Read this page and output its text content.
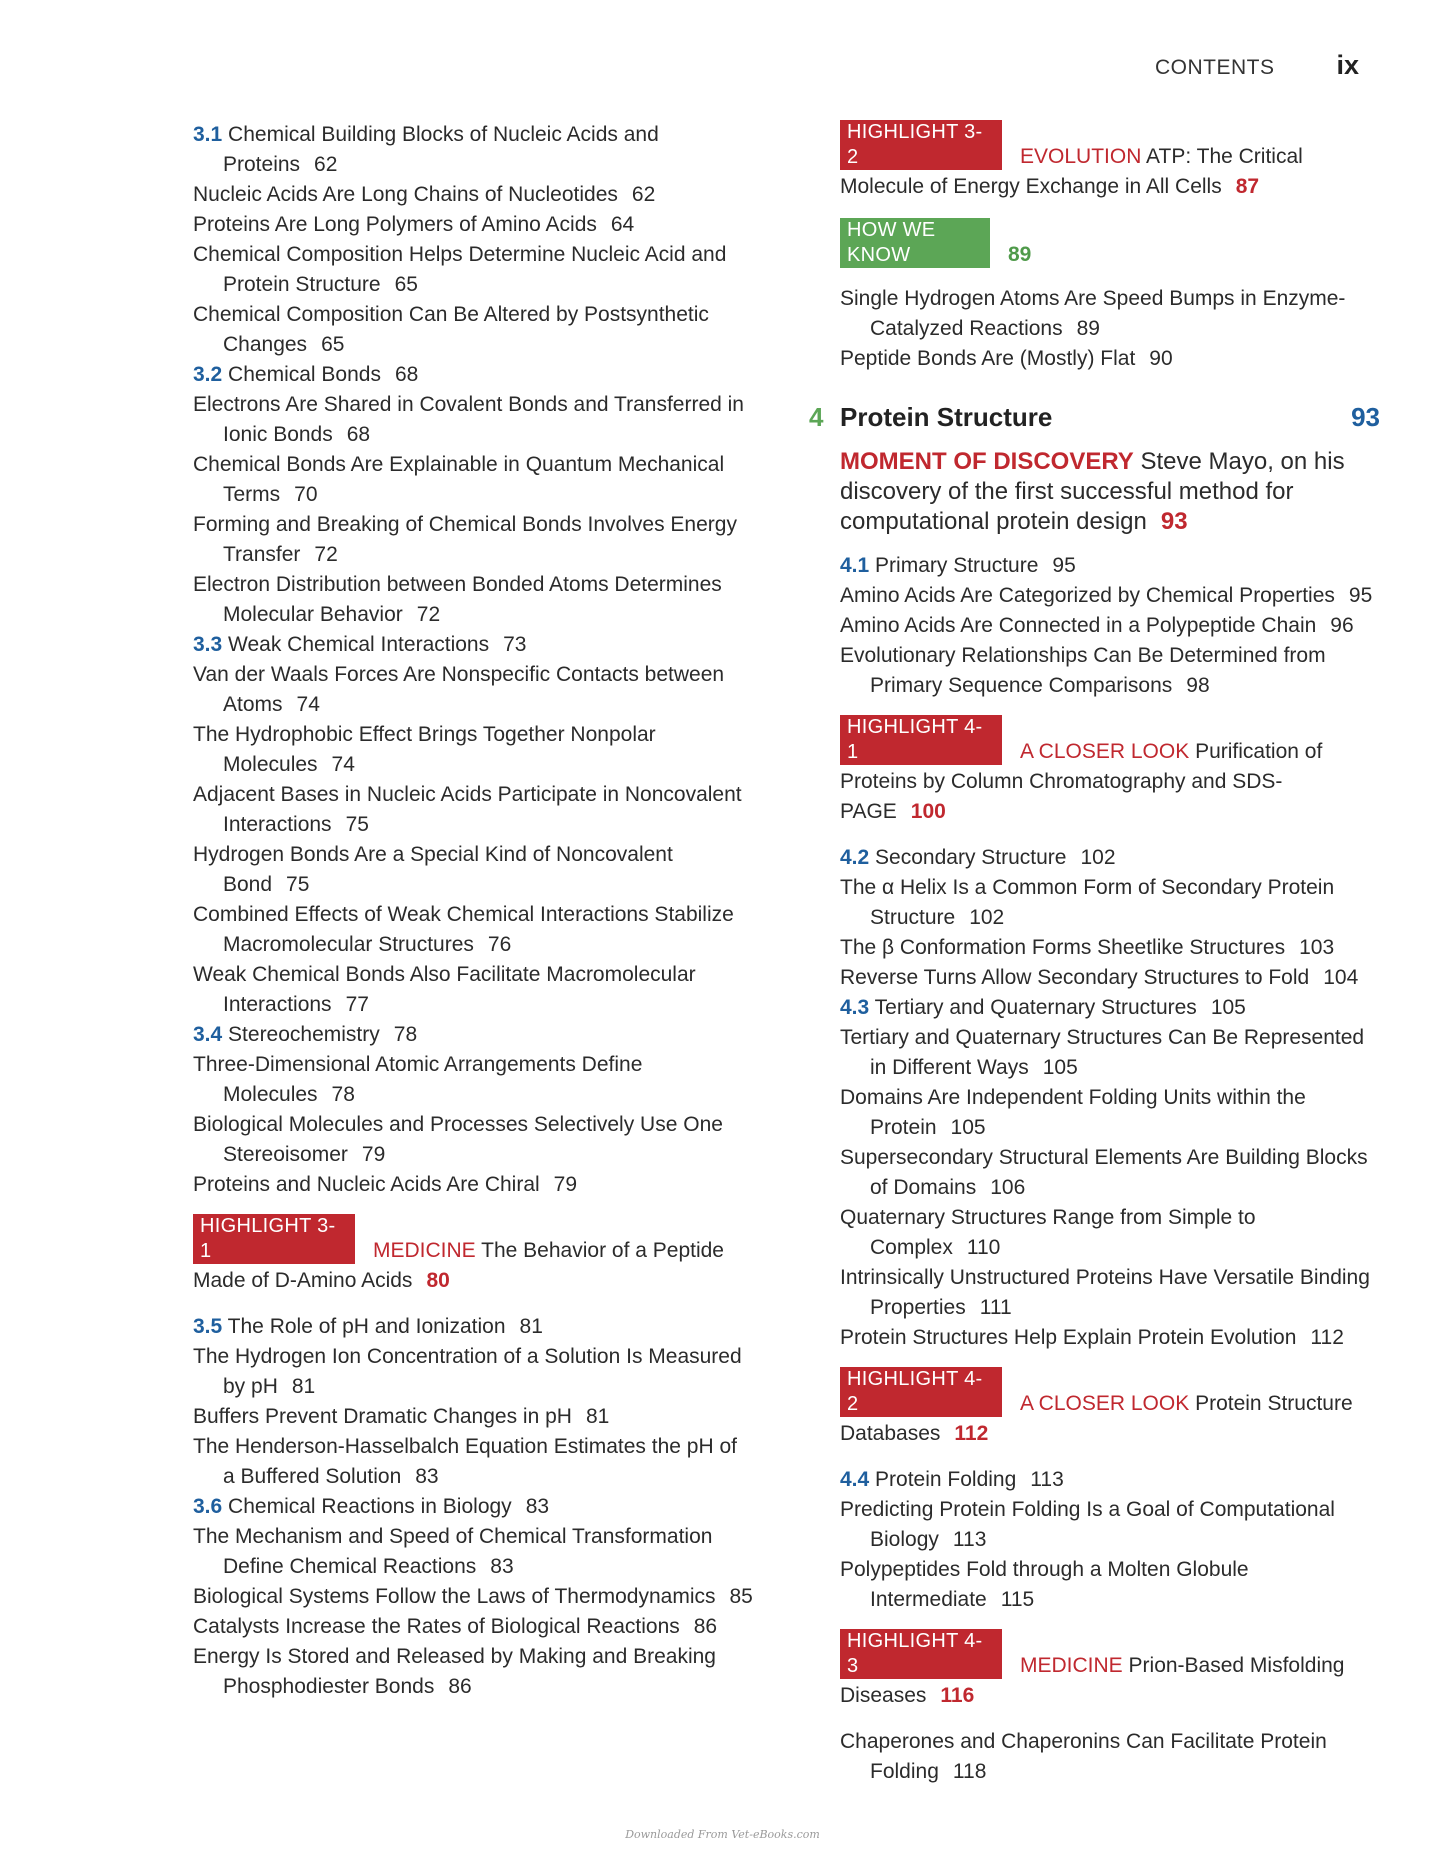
CONTENTS ix
3.1 Chemical Building Blocks of Nucleic Acids and Proteins 62
Nucleic Acids Are Long Chains of Nucleotides 62
Proteins Are Long Polymers of Amino Acids 64
Chemical Composition Helps Determine Nucleic Acid and Protein Structure 65
Chemical Composition Can Be Altered by Postsynthetic Changes 65
3.2 Chemical Bonds 68
Electrons Are Shared in Covalent Bonds and Transferred in Ionic Bonds 68
Chemical Bonds Are Explainable in Quantum Mechanical Terms 70
Forming and Breaking of Chemical Bonds Involves Energy Transfer 72
Electron Distribution between Bonded Atoms Determines Molecular Behavior 72
3.3 Weak Chemical Interactions 73
Van der Waals Forces Are Nonspecific Contacts between Atoms 74
The Hydrophobic Effect Brings Together Nonpolar Molecules 74
Adjacent Bases in Nucleic Acids Participate in Noncovalent Interactions 75
Hydrogen Bonds Are a Special Kind of Noncovalent Bond 75
Combined Effects of Weak Chemical Interactions Stabilize Macromolecular Structures 76
Weak Chemical Bonds Also Facilitate Macromolecular Interactions 77
3.4 Stereochemistry 78
Three-Dimensional Atomic Arrangements Define Molecules 78
Biological Molecules and Processes Selectively Use One Stereoisomer 79
Proteins and Nucleic Acids Are Chiral 79
HIGHLIGHT 3-1	MEDICINE The Behavior of a Peptide Made of D-Amino Acids 80
3.5 The Role of pH and Ionization 81
The Hydrogen Ion Concentration of a Solution Is Measured by pH 81
Buffers Prevent Dramatic Changes in pH 81
The Henderson-Hasselbalch Equation Estimates the pH of a Buffered Solution 83
3.6 Chemical Reactions in Biology 83
The Mechanism and Speed of Chemical Transformation Define Chemical Reactions 83
Biological Systems Follow the Laws of Thermodynamics 85
Catalysts Increase the Rates of Biological Reactions 86
Energy Is Stored and Released by Making and Breaking Phosphodiester Bonds 86
HIGHLIGHT 3-2	EVOLUTION ATP: The Critical Molecule of Energy Exchange in All Cells 87
HOW WE KNOW	89
Single Hydrogen Atoms Are Speed Bumps in Enzyme-Catalyzed Reactions 89
Peptide Bonds Are (Mostly) Flat 90
4 Protein Structure	93
MOMENT OF DISCOVERY Steve Mayo, on his discovery of the first successful method for computational protein design 93
4.1 Primary Structure 95
Amino Acids Are Categorized by Chemical Properties 95
Amino Acids Are Connected in a Polypeptide Chain 96
Evolutionary Relationships Can Be Determined from Primary Sequence Comparisons 98
HIGHLIGHT 4-1	A CLOSER LOOK Purification of Proteins by Column Chromatography and SDS-PAGE 100
4.2 Secondary Structure 102
The α Helix Is a Common Form of Secondary Protein Structure 102
The β Conformation Forms Sheetlike Structures 103
Reverse Turns Allow Secondary Structures to Fold 104
4.3 Tertiary and Quaternary Structures 105
Tertiary and Quaternary Structures Can Be Represented in Different Ways 105
Domains Are Independent Folding Units within the Protein 105
Supersecondary Structural Elements Are Building Blocks of Domains 106
Quaternary Structures Range from Simple to Complex 110
Intrinsically Unstructured Proteins Have Versatile Binding Properties 111
Protein Structures Help Explain Protein Evolution 112
HIGHLIGHT 4-2	A CLOSER LOOK Protein Structure Databases 112
4.4 Protein Folding 113
Predicting Protein Folding Is a Goal of Computational Biology 113
Polypeptides Fold through a Molten Globule Intermediate 115
HIGHLIGHT 4-3	MEDICINE Prion-Based Misfolding Diseases 116
Chaperones and Chaperonins Can Facilitate Protein Folding 118
Downloaded From Vet-eBooks.com
